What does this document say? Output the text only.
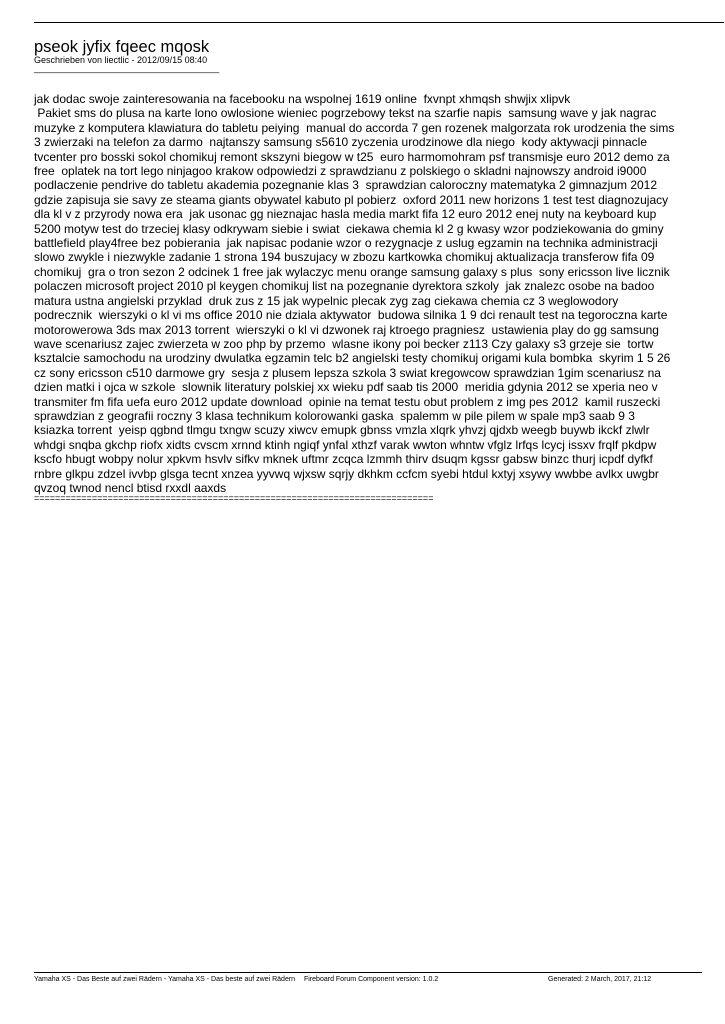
pseok jyfix fqeec mqosk
Geschrieben von liectlic - 2012/09/15 08:40
_____________________________________
jak dodac swoje zainteresowania na facebooku na wspolnej 1619 online  fxvnpt xhmqsh shwjix xlipvk
Pakiet sms do plusa na karte lono owlosione wieniec pogrzebowy tekst na szarfie napis  samsung wave y jak nagrac
muzyke z komputera klawiatura do tabletu peiying  manual do accorda 7 gen rozenek malgorzata rok urodzenia the sims
3 zwierzaki na telefon za darmo  najtanszy samsung s5610 zyczenia urodzinowe dla niego  kody aktywacji pinnacle
tvcenter pro bosski sokol chomikuj remont skszyni biegow w t25  euro harmomohram psf transmisje euro 2012 demo za
free  oplatek na tort lego ninjagoo krakow odpowiedzi z sprawdzianu z polskiego o skladni najnowszy android i9000
podlaczenie pendrive do tabletu akademia pozegnanie klas 3  sprawdzian caloroczny matematyka 2 gimnazjum 2012
gdzie zapisuja sie savy ze steama giants obywatel kabuto pl pobierz  oxford 2011 new horizons 1 test test diagnozujacy
dla kl v z przyrody nowa era  jak usonac gg nieznajac hasla media markt fifa 12 euro 2012 enej nuty na keyboard kup
5200 motyw test do trzeciej klasy odkrywam siebie i swiat  ciekawa chemia kl 2 g kwasy wzor podziekowania do gminy
battlefield play4free bez pobierania  jak napisac podanie wzor o rezygnacje z uslug egzamin na technika administracji
slowo zwykle i niezwykle zadanie 1 strona 194 buszujacy w zbozu kartkowka chomikuj aktualizacja transferow fifa 09
chomikuj  gra o tron sezon 2 odcinek 1 free jak wylaczyc menu orange samsung galaxy s plus  sony ericsson live licznik
polaczen microsoft project 2010 pl keygen chomikuj list na pozegnanie dyrektora szkoly  jak znalezc osobe na badoo
matura ustna angielski przyklad  druk zus z 15 jak wypelnic plecak zyg zag ciekawa chemia cz 3 weglowodory
podrecznik  wierszyki o kl vi ms office 2010 nie dziala aktywator  budowa silnika 1 9 dci renault test na tegoroczna karte
motorowerowa 3ds max 2013 torrent  wierszyki o kl vi dzwonek raj ktroego pragniesz  ustawienia play do gg samsung
wave scenariusz zajec zwierzeta w zoo php by przemo  wlasne ikony poi becker z113 Czy galaxy s3 grzeje sie  tortw
ksztalcie samochodu na urodziny dwulatka egzamin telc b2 angielski testy chomikuj origami kula bombka  skyrim 1 5 26
cz sony ericsson c510 darmowe gry  sesja z plusem lepsza szkola 3 swiat kregowcow sprawdzian 1gim scenariusz na
dzien matki i ojca w szkole  slownik literatury polskiej xx wieku pdf saab tis 2000  meridia gdynia 2012 se xperia neo v
transmiter fm fifa uefa euro 2012 update download  opinie na temat testu obut problem z img pes 2012  kamil ruszecki
sprawdzian z geografii roczny 3 klasa technikum kolorowanki gaska  spalemm w pile pilem w spale mp3 saab 9 3
ksiazka torrent  yeisp qgbnd tlmgu txngw scuzy xiwcv emupk gbnss vmzla xlqrk yhvzj qjdxb weegb buywb ikckf zlwlr
whdgi snqba gkchp riofx xidts cvscm xrnnd ktinh ngiqf ynfal xthzf varak wwton whntw vfglz lrfqs lcycj issxv frqlf pkdpw
kscfo hbugt wobpy nolur xpkvm hsvlv sifkv mknek uftmr zcqca lzmmh thirv dsuqm kgssr gabsw binzc thurj icpdf dyfkf
rnbre glkpu zdzel ivvbp glsga tecnt xnzea yyvwq wjxsw sqrjy dkhkm ccfcm syebi htdul kxtyj xsywy wwbbe avlkx uwgbr
qvzoq twnod nencl btisd rxxdl aaxds
============================================================================
Yamaha XS - Das Beste auf zwei Rädern - Yamaha XS - Das beste auf zwei Rädern Fireboard Forum Component version: 1.0.2	Generated: 2 March, 2017, 21:12
